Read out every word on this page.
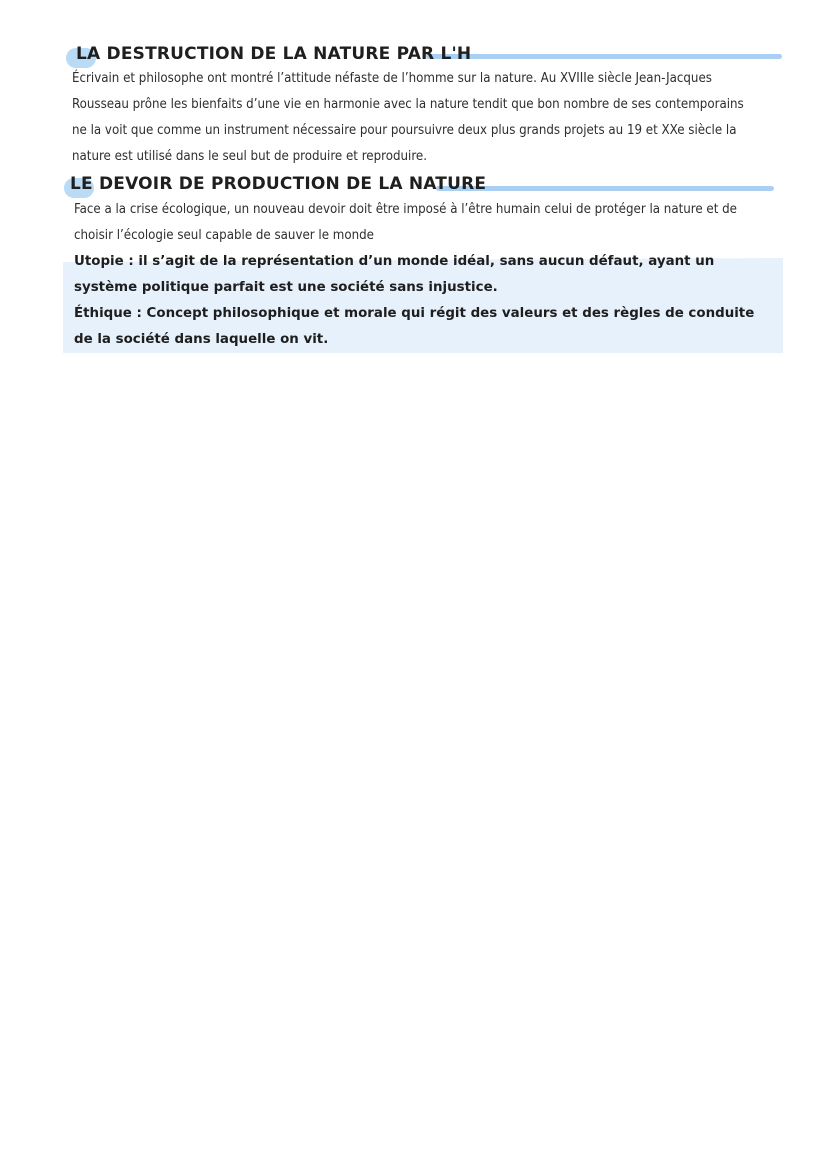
LA DESTRUCTION DE LA NATURE PAR L'H

Écrivain et philosophe ont montré l’attitude néfaste de l’homme sur la nature. Au XVIIIe siècle Jean-Jacques Rousseau prône les bienfaits d’une vie en harmonie avec la nature tendit que bon nombre de ses contemporains ne la voit que comme un instrument nécessaire pour poursuivre deux plus grands projets au 19 et XXe siècle la nature est utilisé dans le seul but de produire et reproduire.

LE DEVOIR DE PRODUCTION DE LA NATURE

Face a la crise écologique, un nouveau devoir doit être imposé à l’être humain celui de protéger la nature et de choisir l’écologie seul capable de sauver le monde

Utopie : il s’agit de la représentation d’un monde idéal, sans aucun défaut, ayant un système politique parfait est une société sans injustice.
Éthique : Concept philosophique et morale qui régit des valeurs et des règles de conduite de la société dans laquelle on vit.
